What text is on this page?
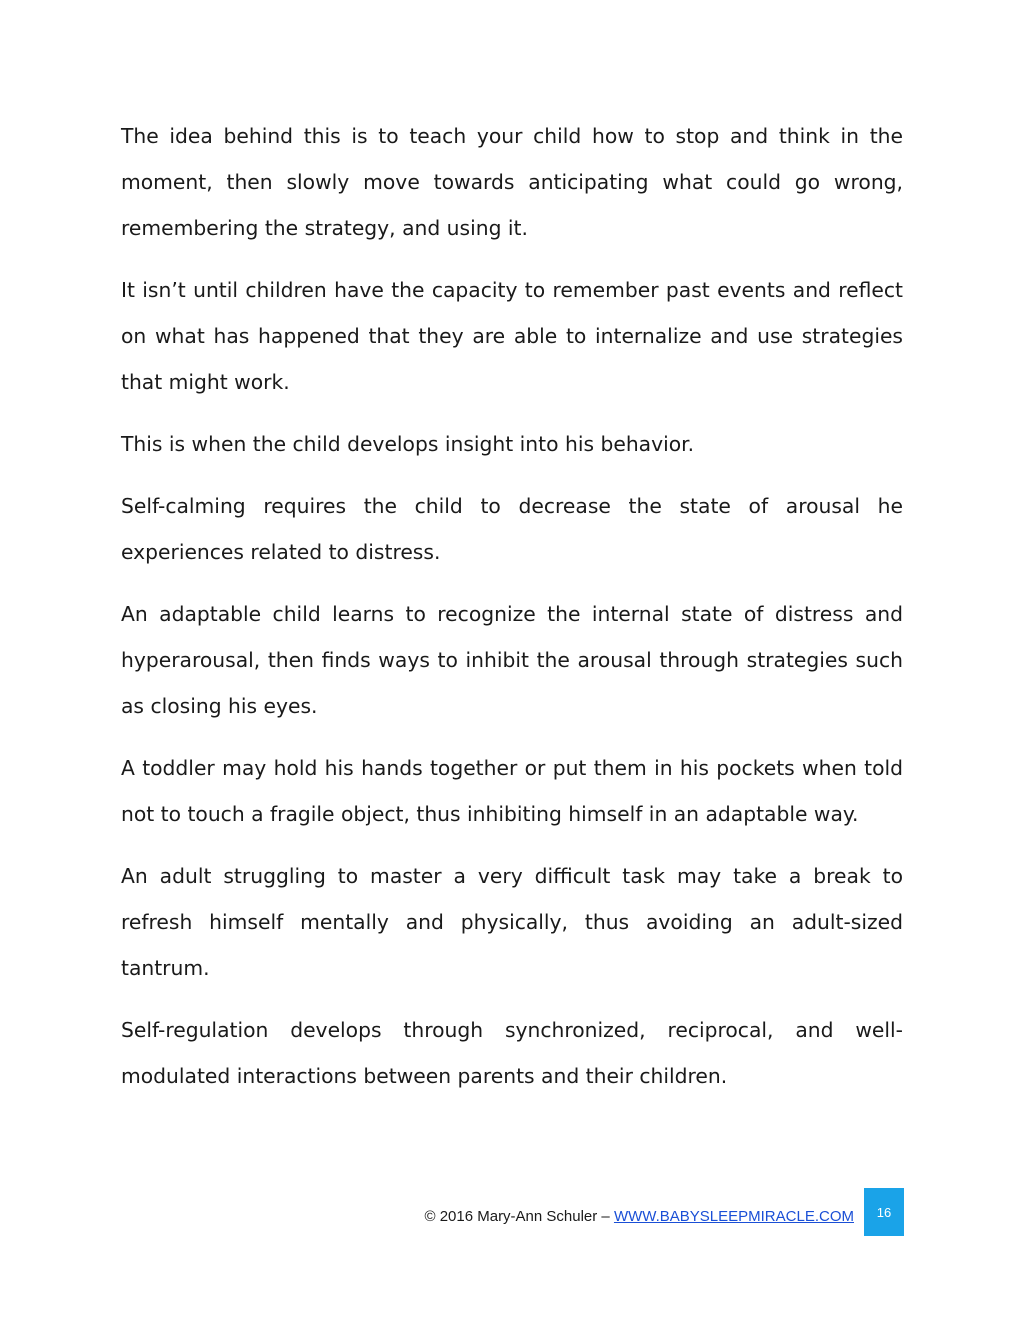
The idea behind this is to teach your child how to stop and think in the moment, then slowly move towards anticipating what could go wrong, remembering the strategy, and using it.

It isn’t until children have the capacity to remember past events and reflect on what has happened that they are able to internalize and use strategies that might work.

This is when the child develops insight into his behavior.

Self-calming requires the child to decrease the state of arousal he experiences related to distress.

An adaptable child learns to recognize the internal state of distress and hyperarousal, then finds ways to inhibit the arousal through strategies such as closing his eyes.

A toddler may hold his hands together or put them in his pockets when told not to touch a fragile object, thus inhibiting himself in an adaptable way.

An adult struggling to master a very difficult task may take a break to refresh himself mentally and physically, thus avoiding an adult-sized tantrum.

Self-regulation develops through synchronized, reciprocal, and well-modulated interactions between parents and their children.

© 2016 Mary-Ann Schuler – WWW.BABYSLEEPMIRACLE.COM 16
